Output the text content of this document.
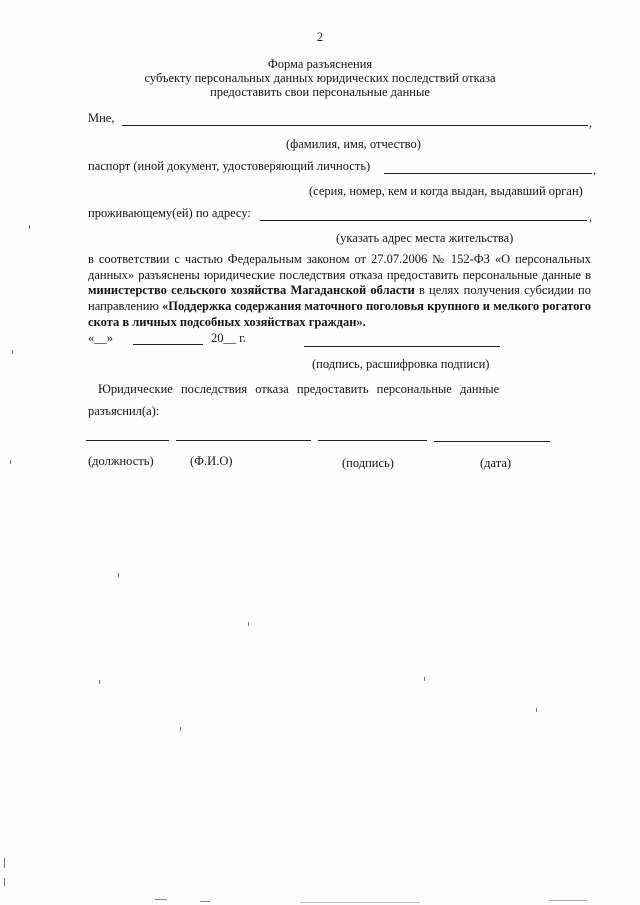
2
Форма разъяснения
субъекту персональных данных юридических последствий отказа
предоставить свои персональные данные
Мне,	,
(фамилия, имя, отчество)
паспорт (иной документ, удостоверяющий личность)	,
(серия, номер, кем и когда выдан, выдавший орган)
проживающему(ей) по адресу:	,
(указать адрес места жительства)
в соответствии с частью Федеральным законом от 27.07.2006 № 152-ФЗ «О персональных данных» разъяснены юридические последствия отказа предоставить персональные данные в министерство сельского хозяйства Магаданской области в целях получения субсидии по направлению «Поддержка содержания маточного поголовья крупного и мелкого рогатого скота в личных подсобных хозяйствах граждан».
«__»	20__ г.
(подпись, расшифровка подписи)
Юридические последствия отказа предоставить персональные данные
разъяснил(а):
(должность)	(Ф.И.О)	(подпись)	(дата)
